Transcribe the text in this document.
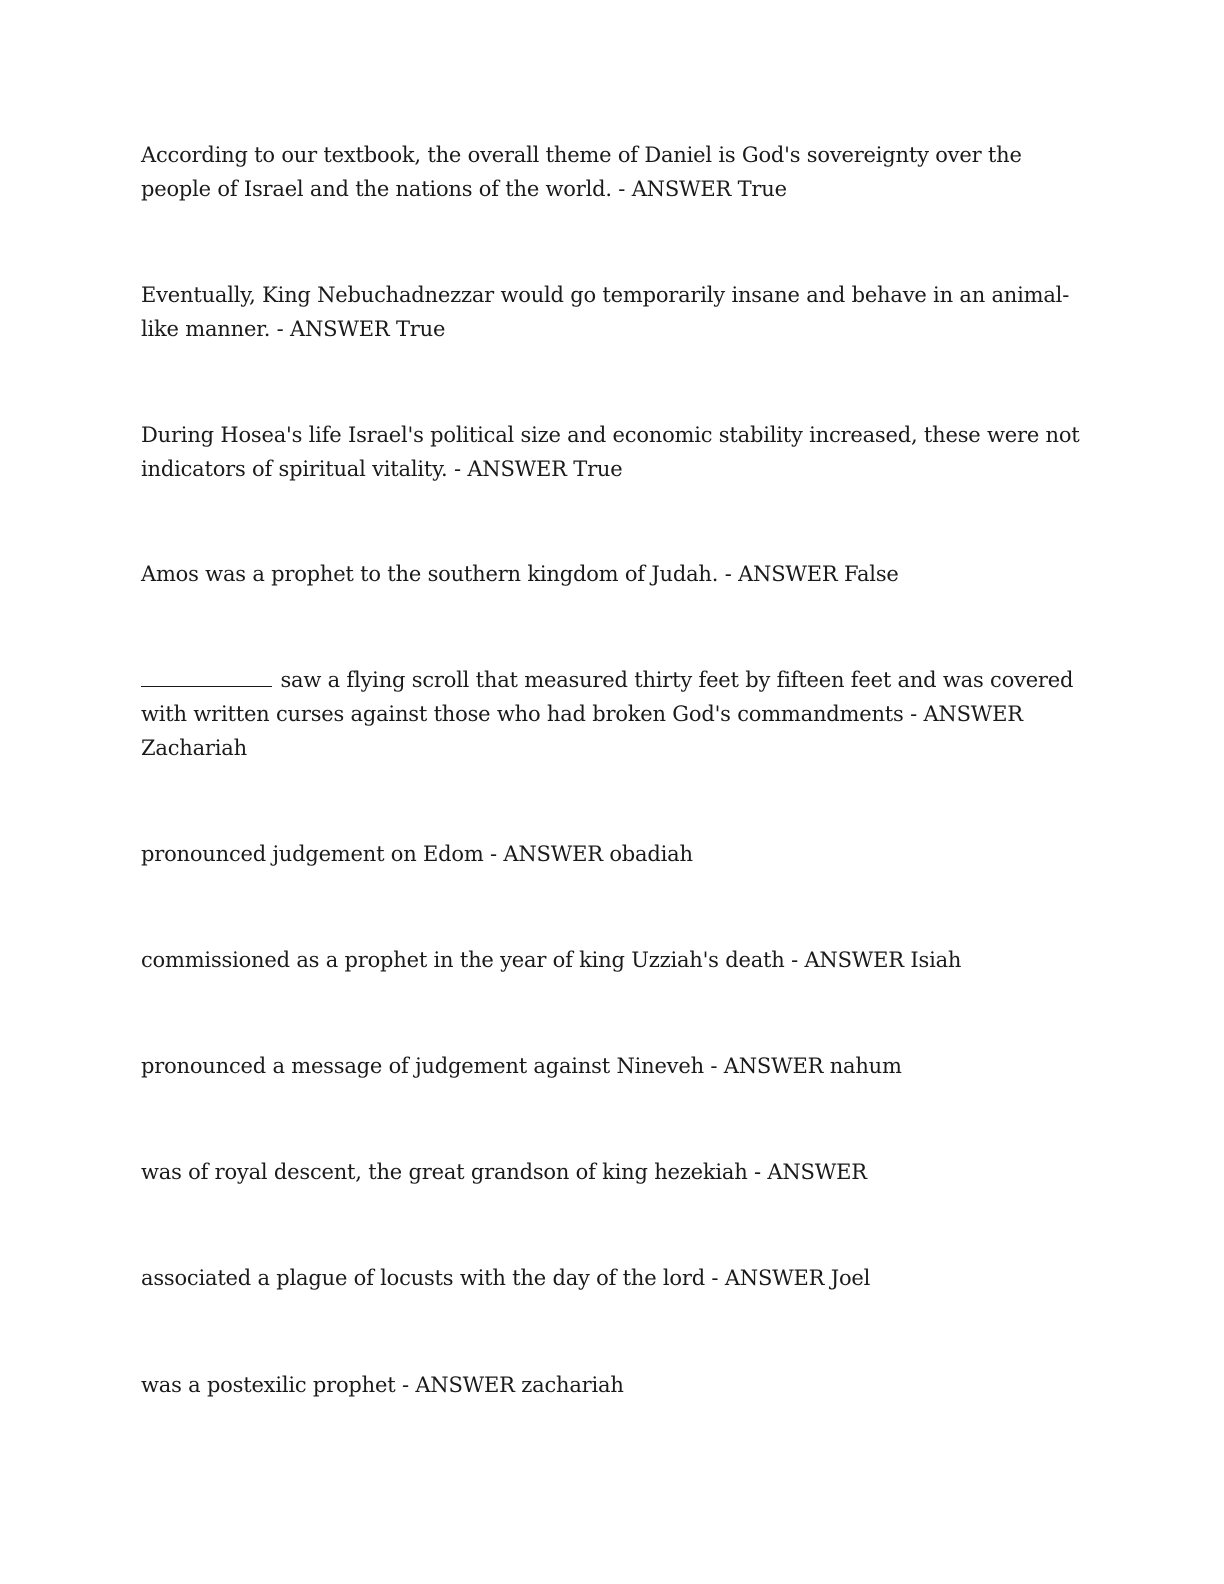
According to our textbook, the overall theme of Daniel is God's sovereignty over the people of Israel and the nations of the world. - ANSWER True

Eventually, King Nebuchadnezzar would go temporarily insane and behave in an animal-like manner. - ANSWER True

During Hosea's life Israel's political size and economic stability increased, these were not indicators of spiritual vitality. - ANSWER True

Amos was a prophet to the southern kingdom of Judah. - ANSWER False

saw a flying scroll that measured thirty feet by fifteen feet and was covered with written curses against those who had broken God's commandments - ANSWER Zachariah

pronounced judgement on Edom - ANSWER obadiah

commissioned as a prophet in the year of king Uzziah's death - ANSWER Isiah

pronounced a message of judgement against Nineveh - ANSWER nahum

was of royal descent, the great grandson of king hezekiah - ANSWER

associated a plague of locusts with the day of the lord - ANSWER Joel

was a postexilic prophet - ANSWER zachariah
